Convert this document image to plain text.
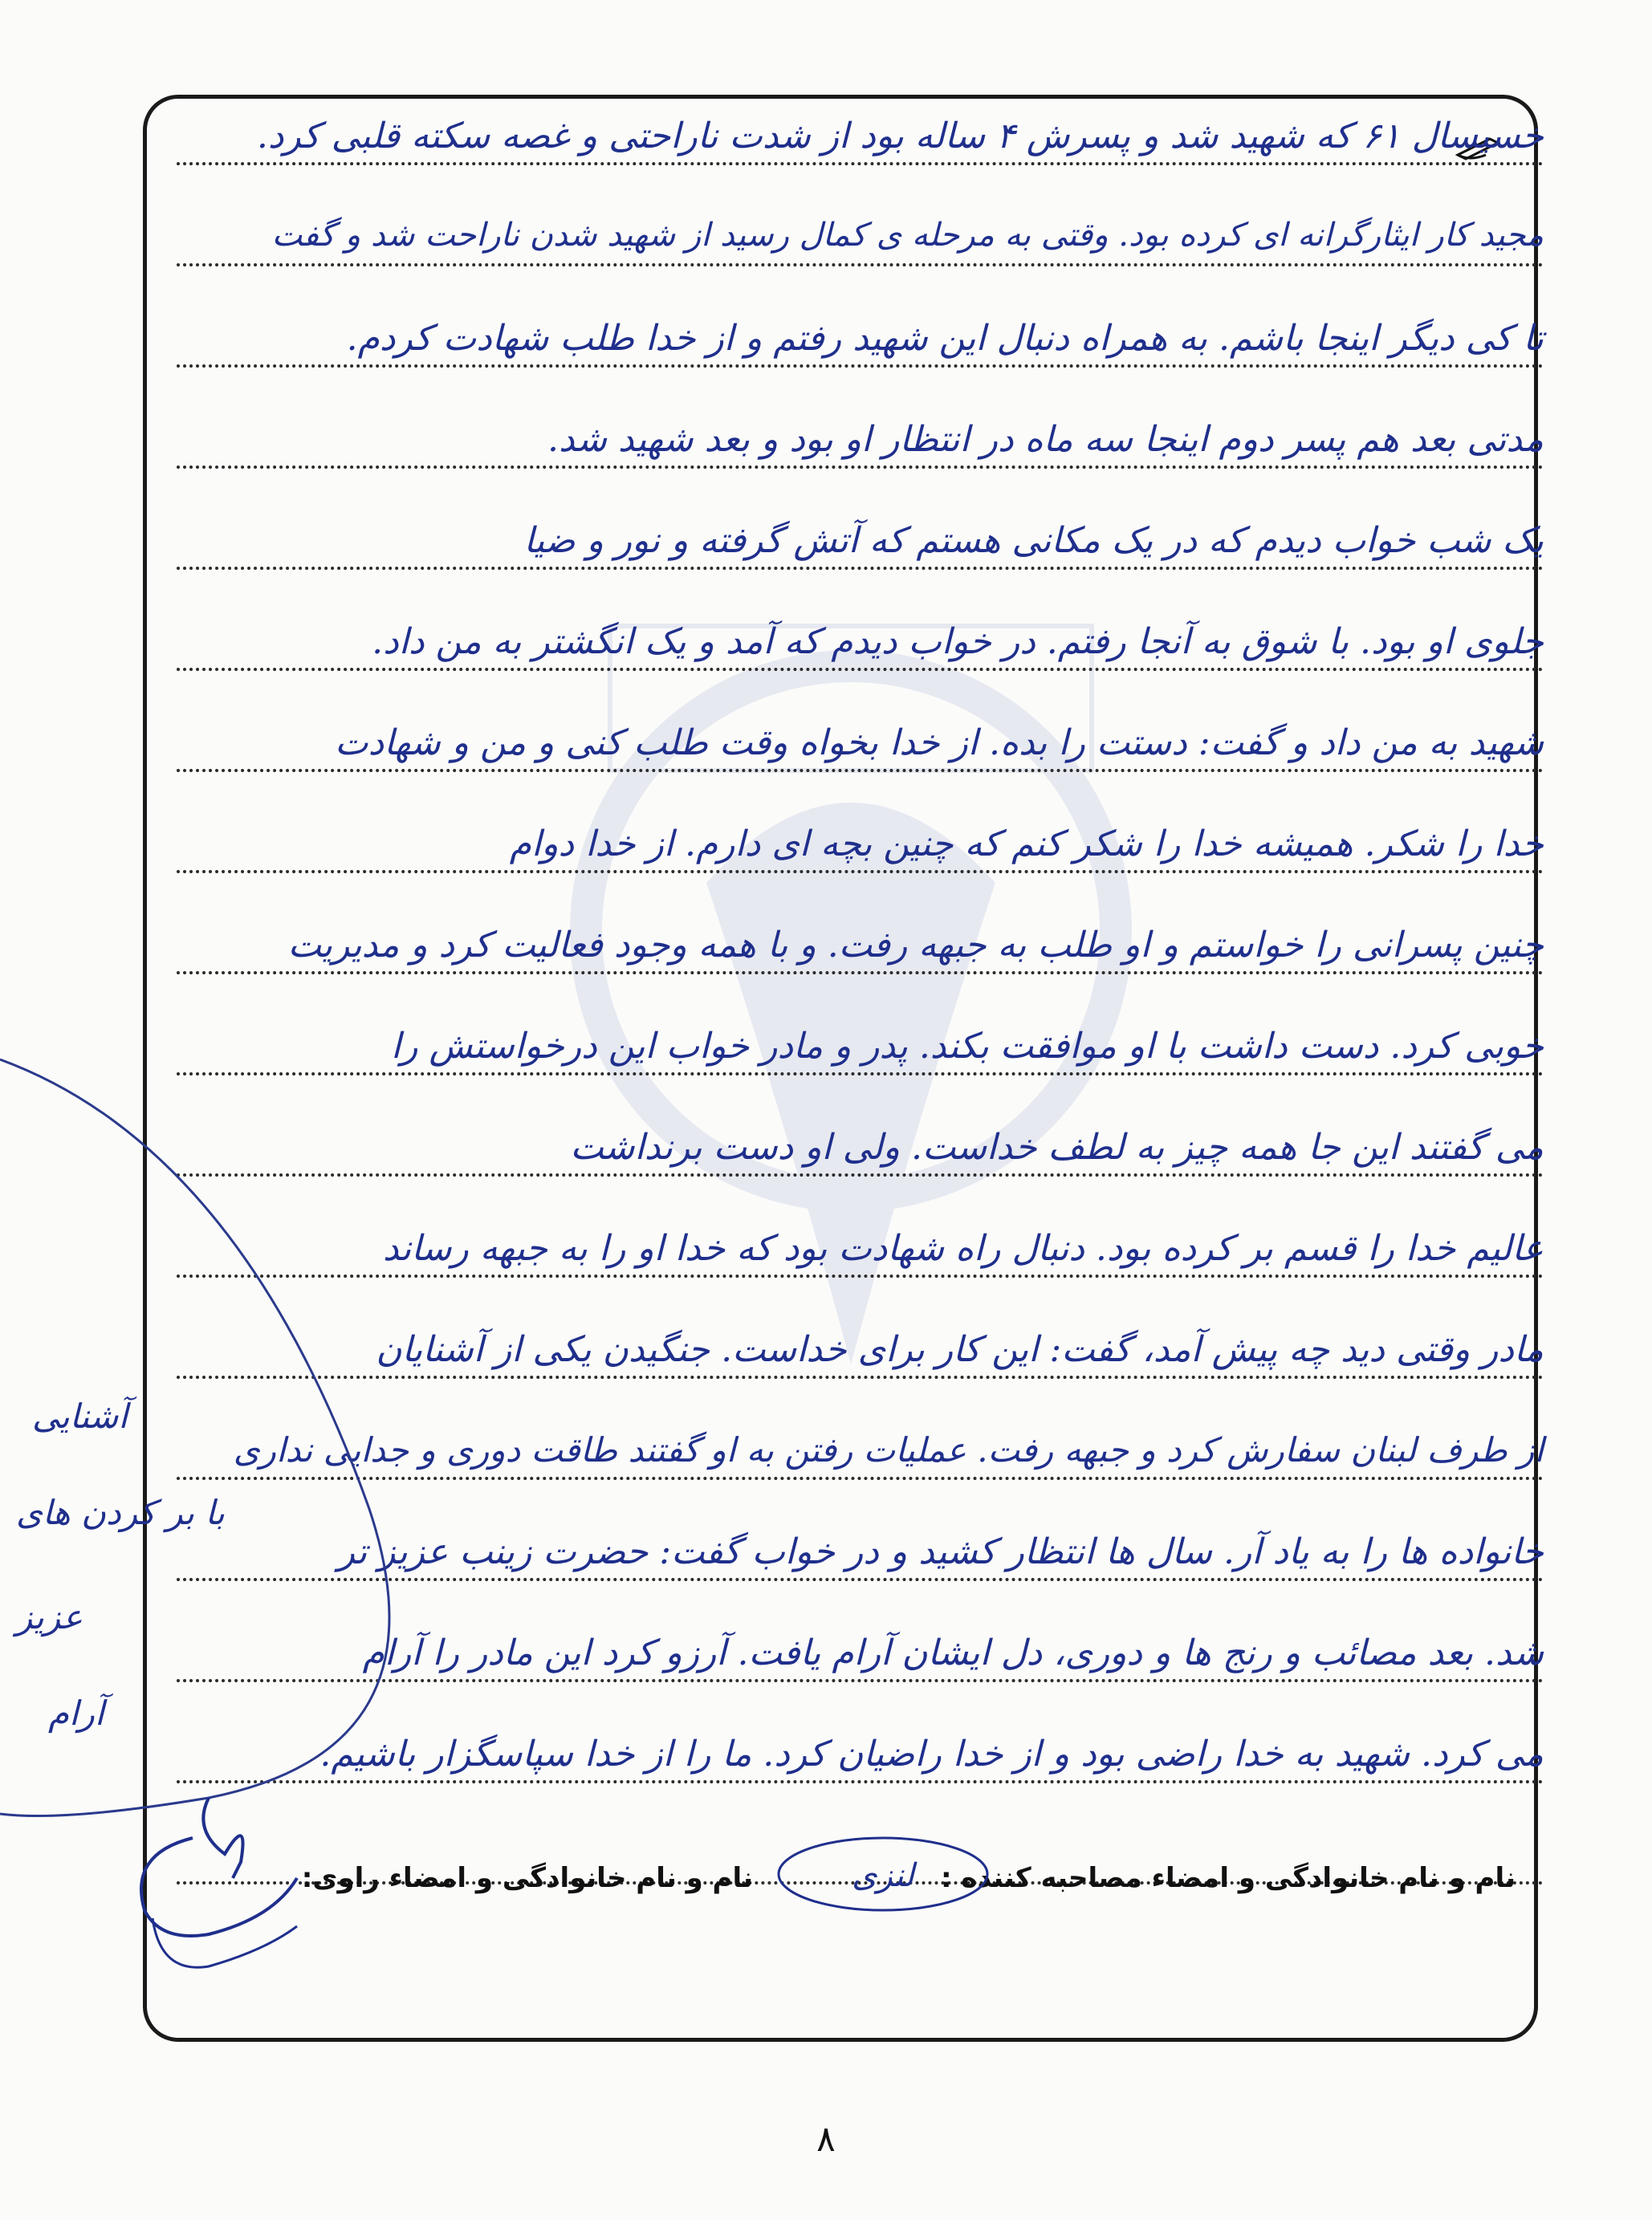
خسیسال ۶۱ که شهید شد و پسرش ۴ ساله بود از شدت ناراحتی و غصه سکته قلبی کرد.
مجید کار ایثارگرانه ای کرده بود. وقتی به مرحله ی کمال رسید از شهید شدن ناراحت شد و گفت
تا کی دیگر اینجا باشم. به همراه دنبال این شهید رفتم و از خدا طلب شهادت کردم.
مدتی بعد هم پسر دوم اینجا سه ماه در انتظار او بود و بعد شهید شد.
یک شب خواب دیدم که در یک مکانی هستم که آتش گرفته و نور و ضیا
جلوی او بود. با شوق به آنجا رفتم. در خواب دیدم که آمد و یک انگشتر به من داد.
شهید به من داد و گفت: دستت را بده. از خدا بخواه وقت طلب کنی و من و شهادت
خدا را شکر. همیشه خدا را شکر کنم که چنین بچه ای دارم. از خدا دوام
چنین پسرانی را خواستم و او طلب به جبهه رفت. و با همه وجود فعالیت کرد و مدیریت
خوبی کرد. دست داشت با او موافقت بکند. پدر و مادر خواب این درخواستش را
می گفتند این جا همه چیز به لطف خداست. ولی او دست برنداشت
عالیم خدا را قسم بر کرده بود. دنبال راه شهادت بود که خدا او را به جبهه رساند
مادر وقتی دید چه پیش آمد، گفت: این کار برای خداست. جنگیدن یکی از آشنایان
از طرف لبنان سفارش کرد و جبهه رفت. عملیات رفتن به او گفتند طاقت دوری و جدایی نداری
خانواده ها را به یاد آر. سال ها انتظار کشید و در خواب گفت: حضرت زینب عزیز تر
شد. بعد مصائب و رنج ها و دوری، دل ایشان آرام یافت. آرزو کرد این مادر را آرام
می کرد. شهید به خدا راضی بود و از خدا راضیان کرد. ما را از خدا سپاسگزار باشیم.
آشنایی
با بر کردن های
عزیز
آرام
نام و نام خانوادگی و امضاء مصاحبه کننده :
نام و نام خانوادگی و امضاء راوی:	لنزی
۸
